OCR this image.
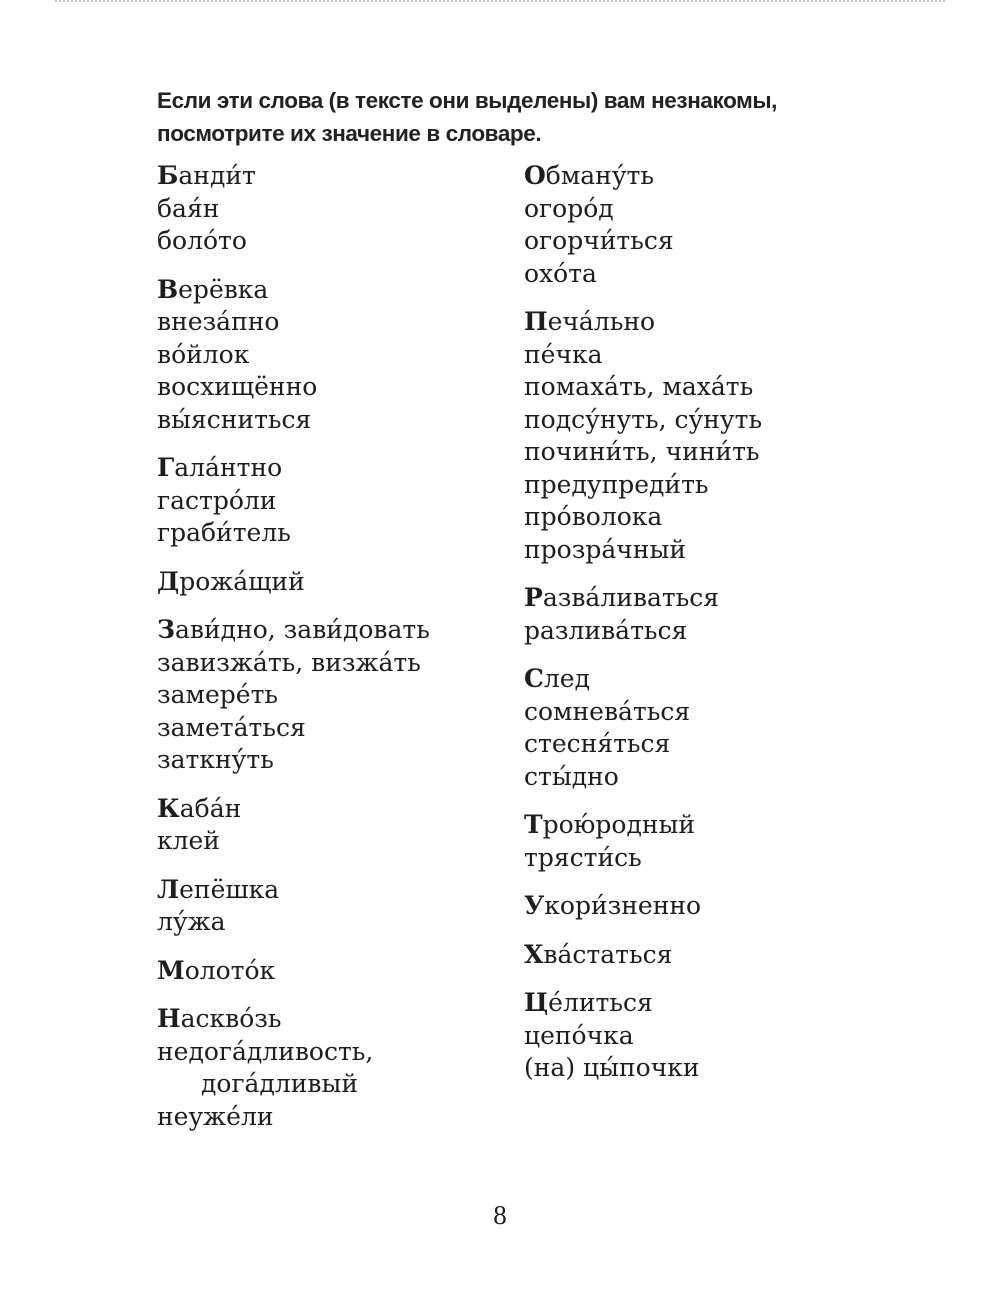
Если эти слова (в тексте они выделены) вам незнакомы,
посмотрите их значение в словаре.
Банди́т
бая́н
боло́то
Верёвка
внеза́пно
во́йлок
восхищённо
вы́ясниться
Гала́нтно
гастро́ли
граби́тель
Дрожа́щий
Зави́дно, зави́довать
завизжа́ть, визжа́ть
замере́ть
замета́ться
заткну́ть
Каба́н
клей
Лепёшка
лу́жа
Молото́к
Наскво́зь
недога́дливость,
дога́дливый
неуже́ли
Обману́ть
огоро́д
огорчи́ться
охо́та
Печа́льно
пе́чка
помаха́ть, маха́ть
подсу́нуть, су́нуть
почини́ть, чини́ть
предупреди́ть
про́волока
прозра́чный
Разва́ливаться
разлива́ться
След
сомнева́ться
стесня́ться
сты́дно
Трою́родный
трясти́сь
Укори́зненно
Хва́статься
Це́литься
цепо́чка
(на) цы́почки
8
